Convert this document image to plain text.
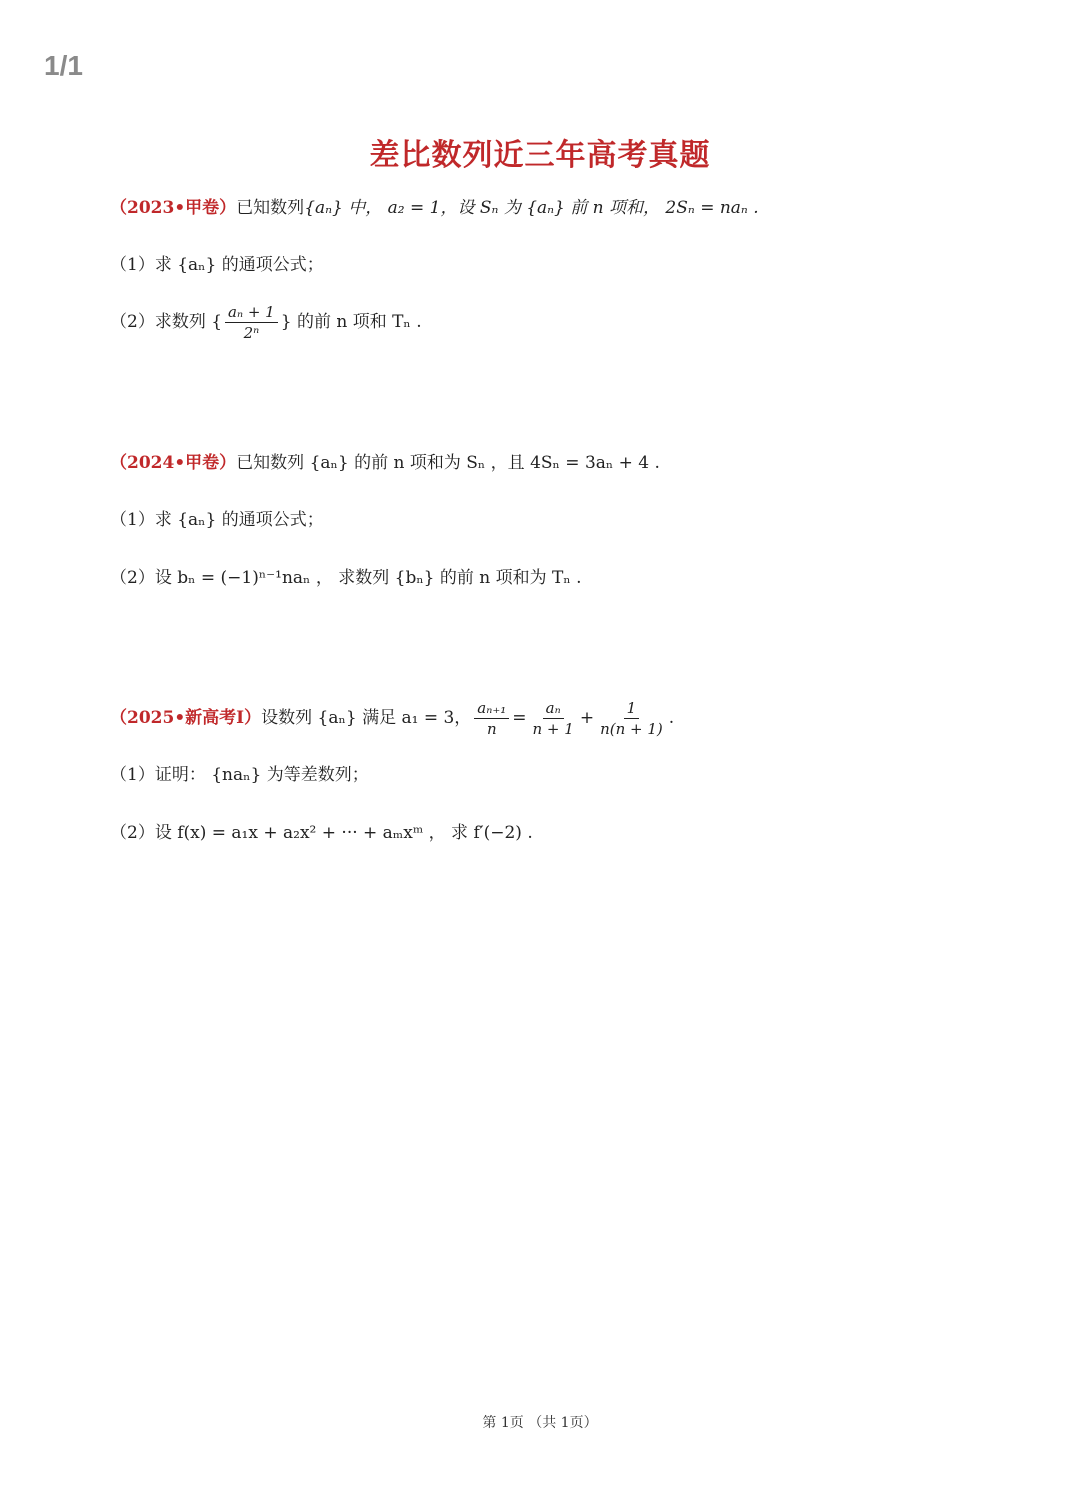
1/1
差比数列近三年高考真题
（2023•甲卷） 已知数列 {aₙ} 中， a₂ = 1，设 Sₙ 为 {aₙ} 前 n 项和， 2Sₙ = naₙ .
（1）求 {aₙ} 的通项公式；
（2）求数列 { $\frac{\text{aₙ + 1}}{\text{2ⁿ}}$ } 的前 n 项和 Tₙ .
（2024•甲卷） 已知数列 {aₙ} 的前 n 项和为 Sₙ ，且 4Sₙ = 3aₙ + 4 .
（1）求 {aₙ} 的通项公式；
（2）设 bₙ = (−1)ⁿ⁻¹naₙ ， 求数列 {bₙ} 的前 n 项和为 Tₙ .
（2025•新高考Ⅰ） 设数列 {aₙ} 满足 a₁ = 3， $\frac{\text{aₙ₊₁}}{n} = \frac{\text{aₙ}}{n + 1} + \frac{1}{n(n + 1)}$ .
（1）证明： {naₙ} 为等差数列；
（2）设 f(x) = a₁x + a₂x² + ··· + aₘxᵐ ， 求 f′(−2) .
第 1页 （共 1页）
